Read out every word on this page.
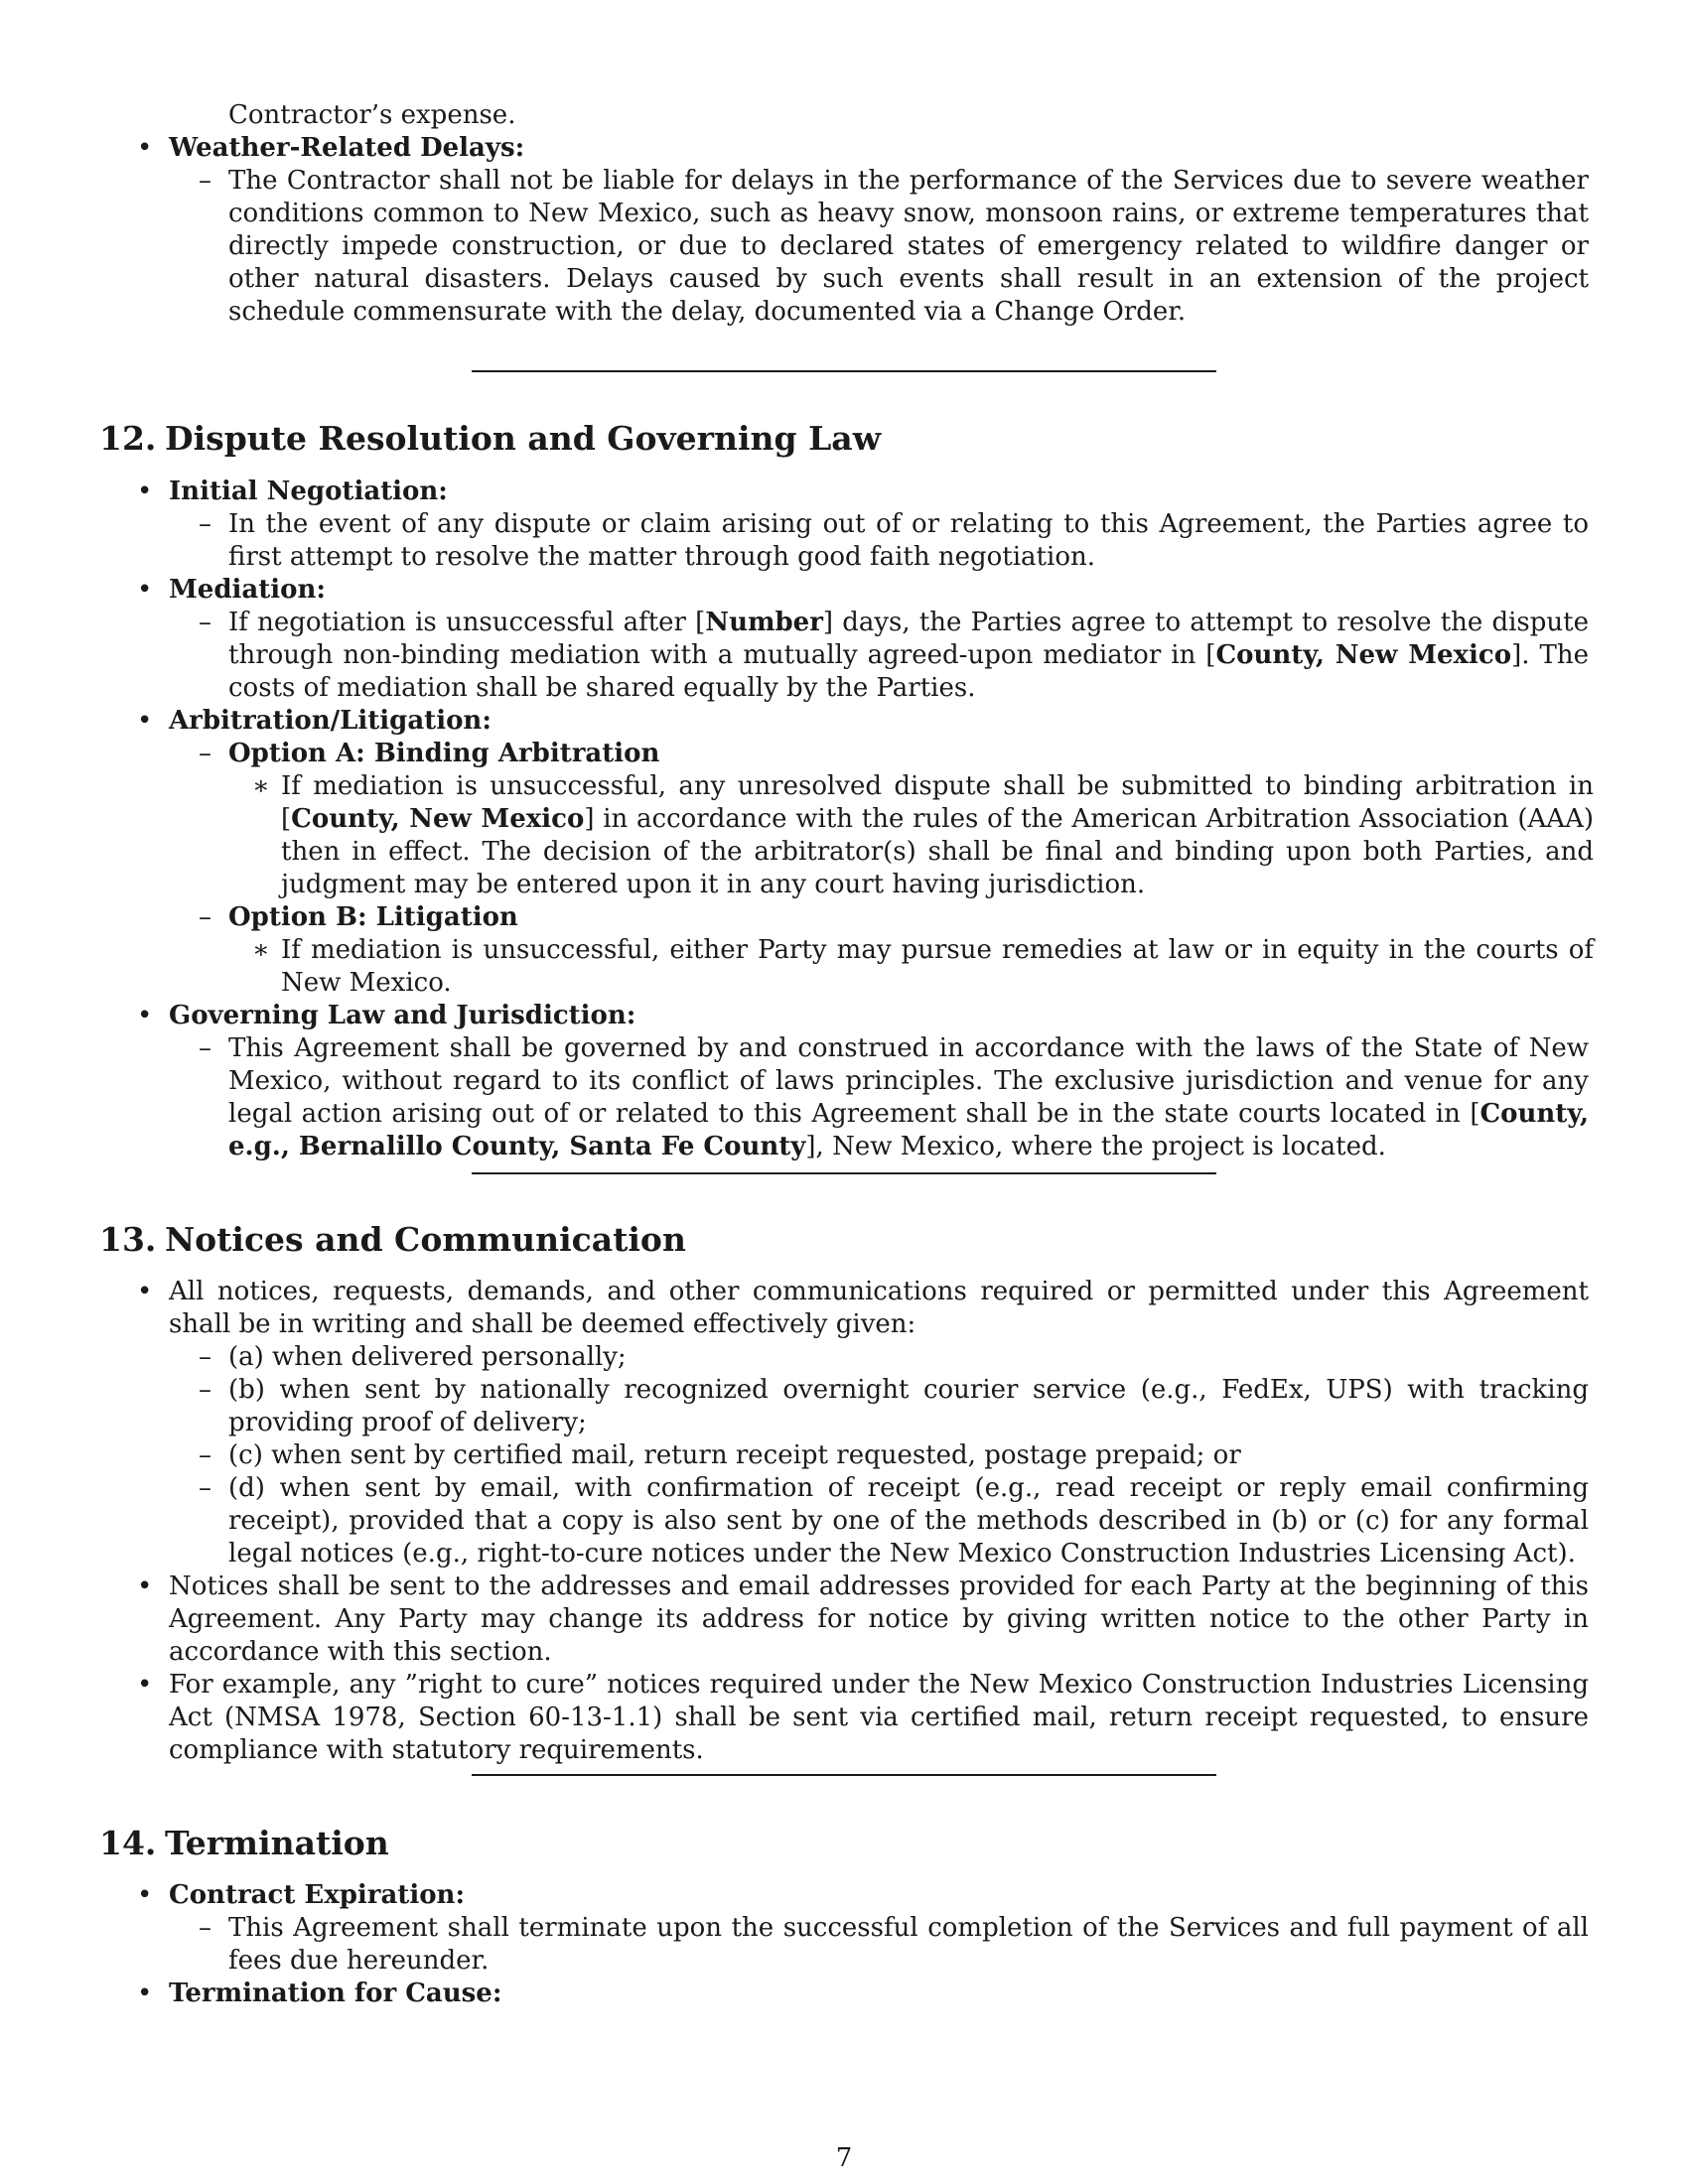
Contractor’s expense.

• Weather-Related Delays:

– The Contractor shall not be liable for delays in the performance of the Services due to severe weather conditions common to New Mexico, such as heavy snow, monsoon rains, or extreme temperatures that directly impede construction, or due to declared states of emergency related to wildfire danger or other natural disasters. Delays caused by such events shall result in an extension of the project schedule commensurate with the delay, documented via a Change Order.

12. Dispute Resolution and Governing Law

• Initial Negotiation:

– In the event of any dispute or claim arising out of or relating to this Agreement, the Parties agree to first attempt to resolve the matter through good faith negotiation.

• Mediation:

– If negotiation is unsuccessful after [Number] days, the Parties agree to attempt to resolve the dispute through non-binding mediation with a mutually agreed-upon mediator in [County, New Mexico]. The costs of mediation shall be shared equally by the Parties.

• Arbitration/Litigation:

– Option A: Binding Arbitration

∗ If mediation is unsuccessful, any unresolved dispute shall be submitted to binding arbitration in [County, New Mexico] in accordance with the rules of the American Arbitration Association (AAA) then in effect. The decision of the arbitrator(s) shall be final and binding upon both Parties, and judgment may be entered upon it in any court having jurisdiction.

– Option B: Litigation

∗ If mediation is unsuccessful, either Party may pursue remedies at law or in equity in the courts of New Mexico.

• Governing Law and Jurisdiction:

– This Agreement shall be governed by and construed in accordance with the laws of the State of New Mexico, without regard to its conflict of laws principles. The exclusive jurisdiction and venue for any legal action arising out of or related to this Agreement shall be in the state courts located in [County, e.g., Bernalillo County, Santa Fe County], New Mexico, where the project is located.

13. Notices and Communication

• All notices, requests, demands, and other communications required or permitted under this Agreement shall be in writing and shall be deemed effectively given:

– (a) when delivered personally;

– (b) when sent by nationally recognized overnight courier service (e.g., FedEx, UPS) with tracking providing proof of delivery;

– (c) when sent by certified mail, return receipt requested, postage prepaid; or

– (d) when sent by email, with confirmation of receipt (e.g., read receipt or reply email confirming receipt), provided that a copy is also sent by one of the methods described in (b) or (c) for any formal legal notices (e.g., right-to-cure notices under the New Mexico Construction Industries Licensing Act).

• Notices shall be sent to the addresses and email addresses provided for each Party at the beginning of this Agreement. Any Party may change its address for notice by giving written notice to the other Party in accordance with this section.

• For example, any ”right to cure” notices required under the New Mexico Construction Industries Licensing Act (NMSA 1978, Section 60-13-1.1) shall be sent via certified mail, return receipt requested, to ensure compliance with statutory requirements.

14. Termination

• Contract Expiration:

– This Agreement shall terminate upon the successful completion of the Services and full payment of all fees due hereunder.

• Termination for Cause:

7
